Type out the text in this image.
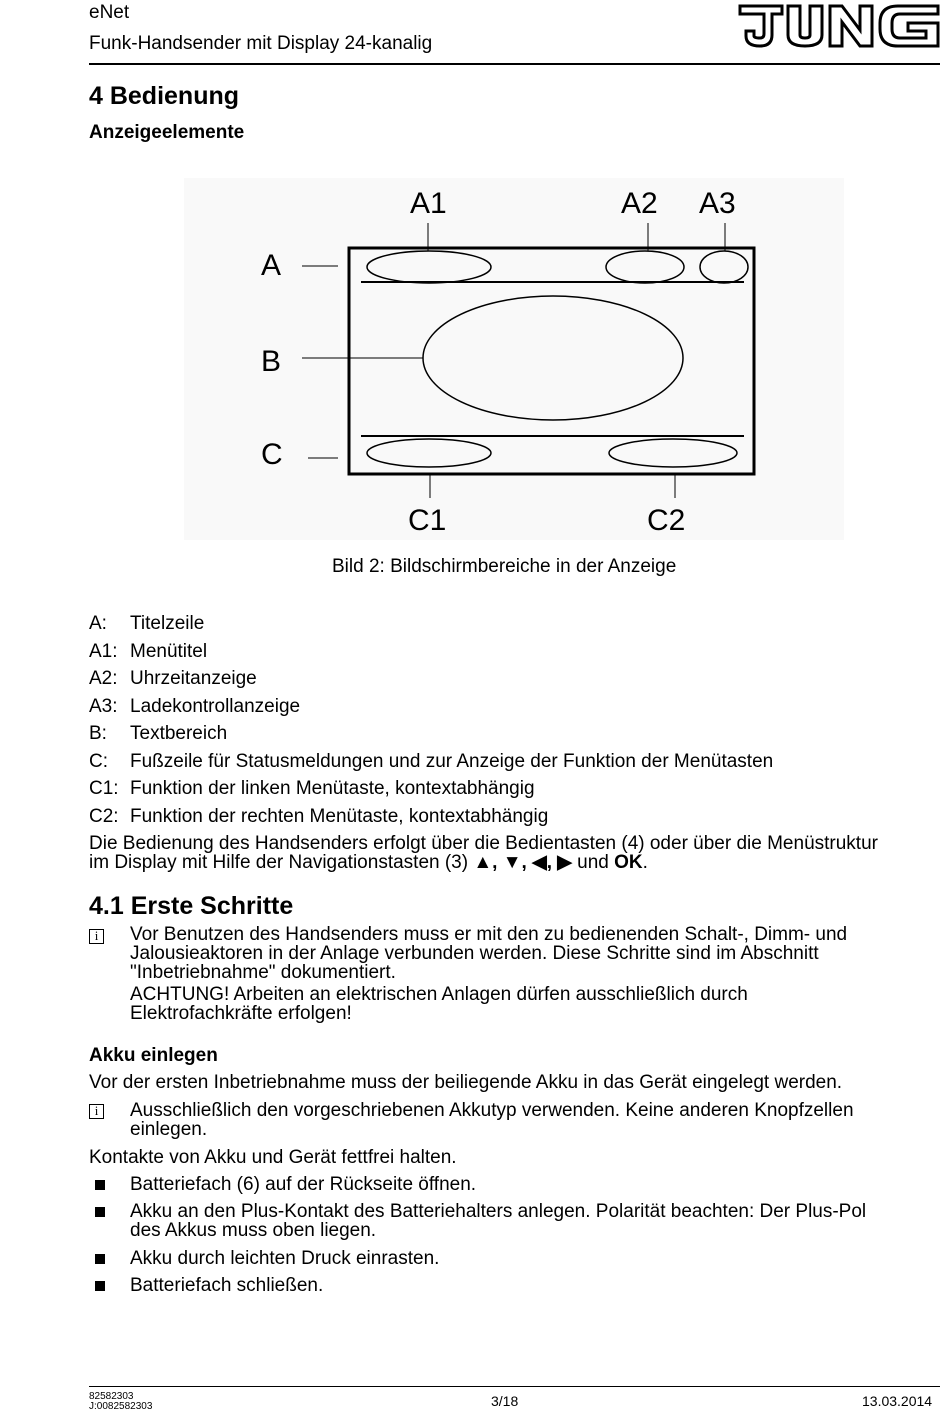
eNet
Funk-Handsender mit Display 24-kanalig
4 Bedienung
Anzeigeelemente
A1	A2 A3
A
B
C
C1	C2
Bild 2: Bildschirmbereiche in der Anzeige
A: Titelzeile
A1: Menütitel
A2: Uhrzeitanzeige
A3: Ladekontrollanzeige
B: Textbereich
C: Fußzeile für Statusmeldungen und zur Anzeige der Funktion der Menütasten
C1: Funktion der linken Menütaste, kontextabhängig
C2: Funktion der rechten Menütaste, kontextabhängig
Die Bedienung des Handsenders erfolgt über die Bedientasten (4) oder über die Menüstruktur
im Display mit Hilfe der Navigationstasten (3) ▲, ▼, ◀, ▶ und OK.
4.1 Erste Schritte
i Vor Benutzen des Handsenders muss er mit den zu bedienenden Schalt-, Dimm- und
Jalousieaktoren in der Anlage verbunden werden. Diese Schritte sind im Abschnitt
"Inbetriebnahme" dokumentiert.
ACHTUNG! Arbeiten an elektrischen Anlagen dürfen ausschließlich durch
Elektrofachkräfte erfolgen!
Akku einlegen
Vor der ersten Inbetriebnahme muss der beiliegende Akku in das Gerät eingelegt werden.
i Ausschließlich den vorgeschriebenen Akkutyp verwenden. Keine anderen Knopfzellen
einlegen.
Kontakte von Akku und Gerät fettfrei halten.
Batteriefach (6) auf der Rückseite öffnen.
Akku an den Plus-Kontakt des Batteriehalters anlegen. Polarität beachten: Der Plus-Pol
des Akkus muss oben liegen.
Akku durch leichten Druck einrasten.
Batteriefach schließen.
82582303
J:0082582303	3/18	13.03.2014
